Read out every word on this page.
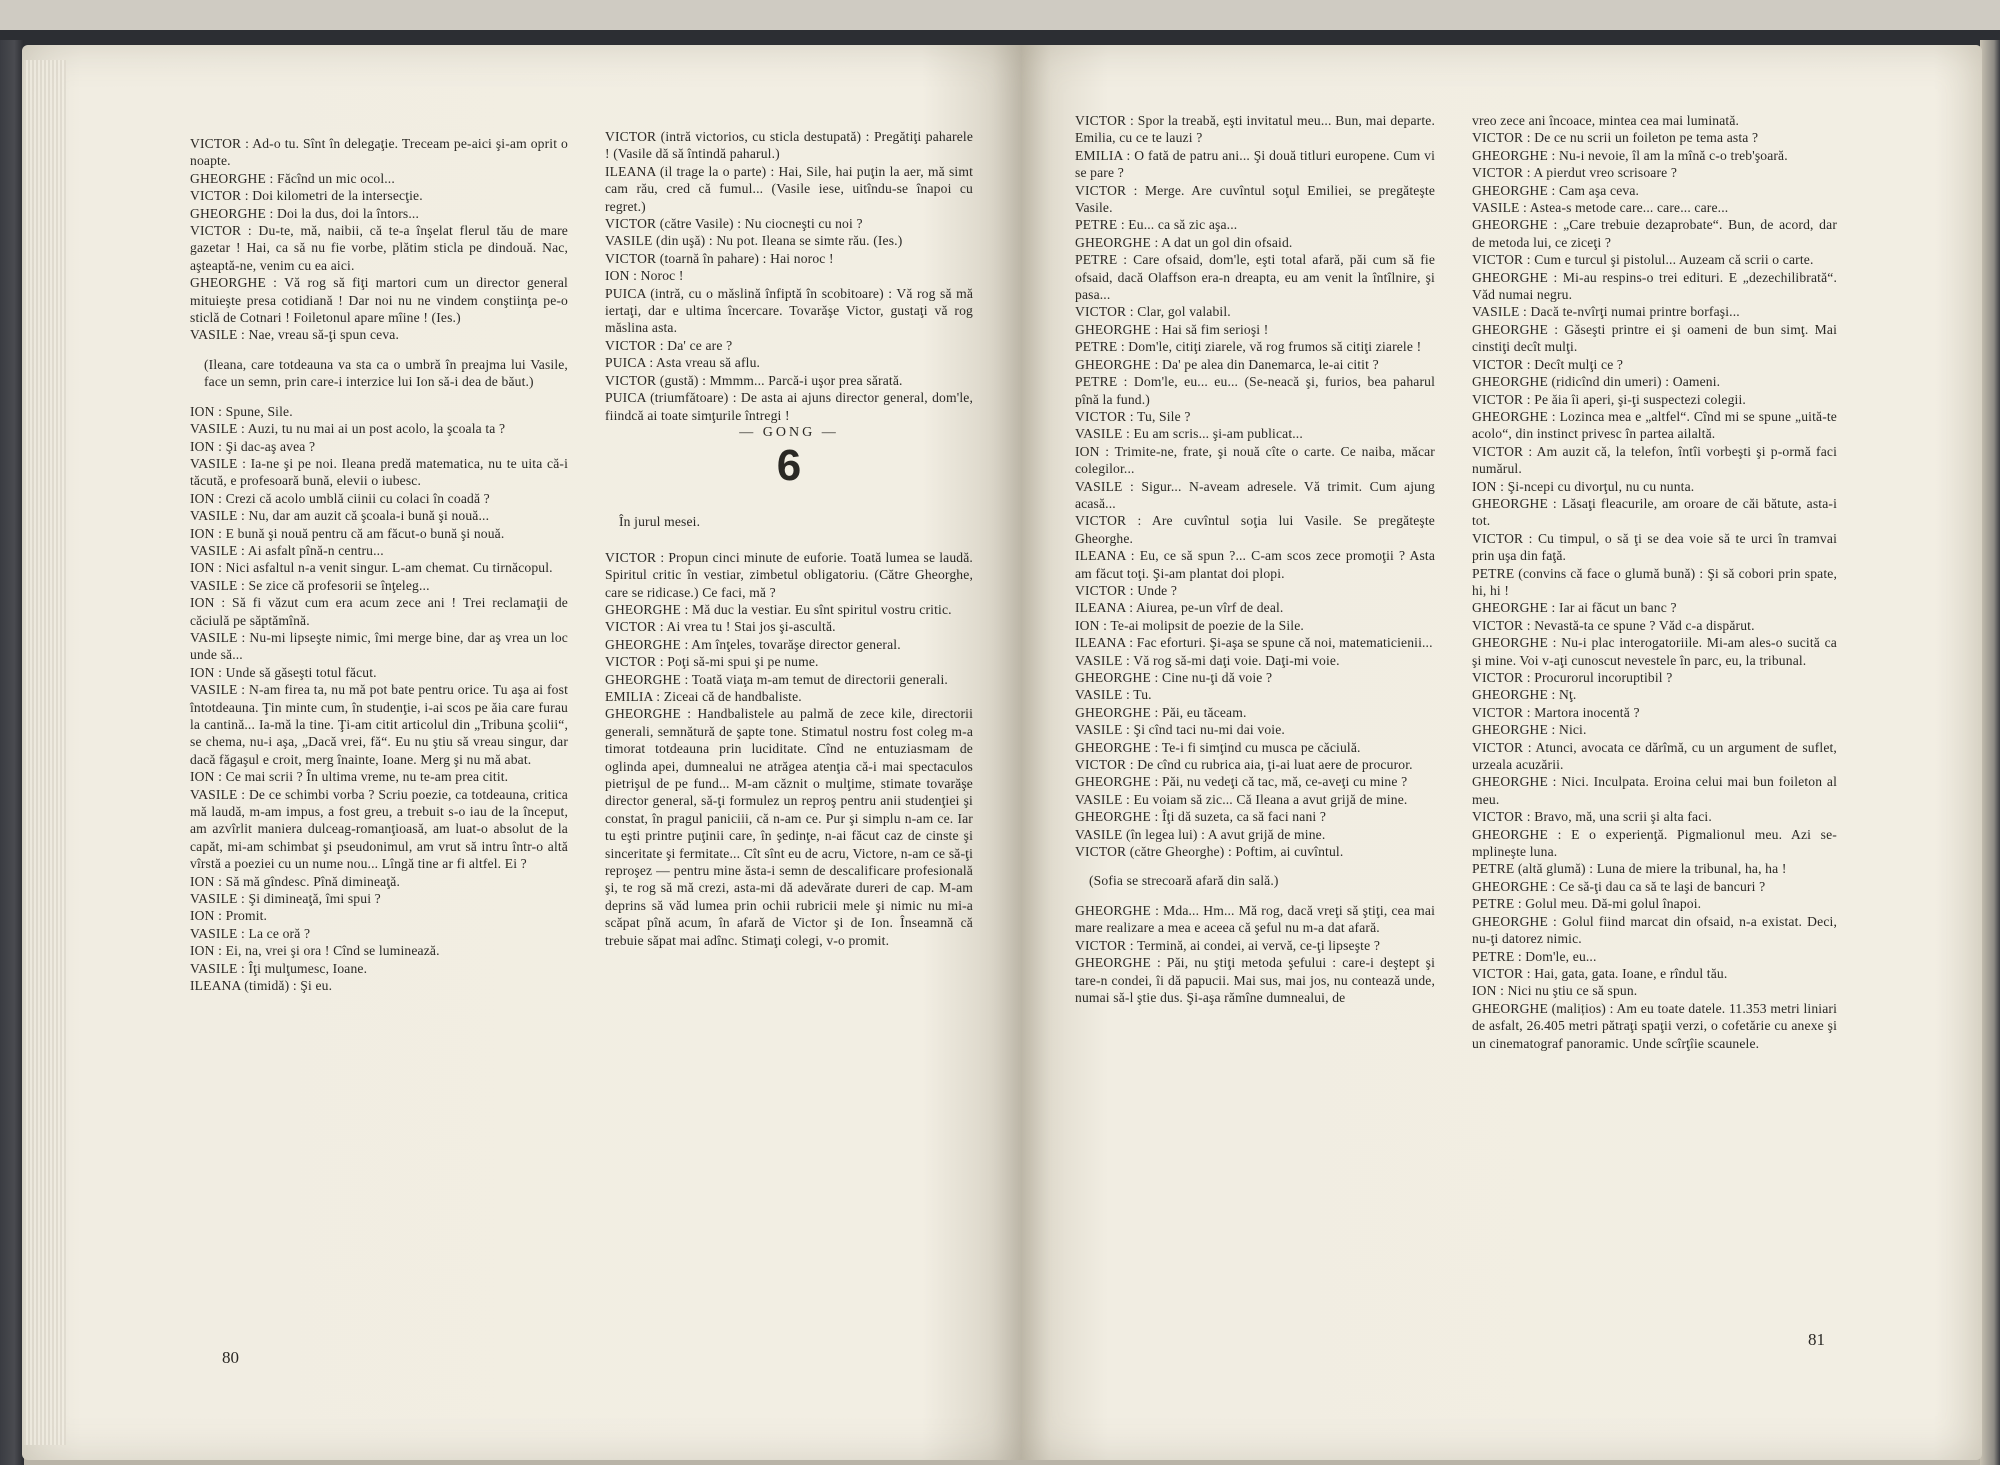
VICTOR : Ad-o tu. Sînt în delegaţie. Treceam pe-aici şi-am oprit o noapte.

GHEORGHE : Făcînd un mic ocol...

VICTOR : Doi kilometri de la intersecţie.

GHEORGHE : Doi la dus, doi la întors...

VICTOR : Du-te, mă, naibii, că te-a înşelat flerul tău de mare gazetar ! Hai, ca să nu fie vorbe, plătim sticla pe dindouă. Nac, aşteaptă-ne, venim cu ea aici.

GHEORGHE : Vă rog să fiţi martori cum un director general mituieşte presa cotidiană ! Dar noi nu ne vindem conştiinţa pe-o sticlă de Cotnari ! Foiletonul apare mîine ! (Ies.)

VASILE : Nae, vreau să-ţi spun ceva.

(Ileana, care totdeauna va sta ca o umbră în preajma lui Vasile, face un semn, prin care-i interzice lui Ion să-i dea de băut.)

ION : Spune, Sile.

VASILE : Auzi, tu nu mai ai un post acolo, la şcoala ta ?

ION : Şi dac-aş avea ?

VASILE : Ia-ne şi pe noi. Ileana predă matematica, nu te uita că-i tăcută, e profesoară bună, elevii o iubesc.

ION : Crezi că acolo umblă ciinii cu colaci în coadă ?

VASILE : Nu, dar am auzit că şcoala-i bună şi nouă...

ION : E bună şi nouă pentru că am făcut-o bună şi nouă.

VASILE : Ai asfalt pînă-n centru...

ION : Nici asfaltul n-a venit singur. L-am chemat. Cu tirnăcopul.

VASILE : Se zice că profesorii se înţeleg...

ION : Să fi văzut cum era acum zece ani ! Trei reclamaţii de căciulă pe săptămînă.

VASILE : Nu-mi lipseşte nimic, îmi merge bine, dar aş vrea un loc unde să...

ION : Unde să găseşti totul făcut.

VASILE : N-am firea ta, nu mă pot bate pentru orice. Tu aşa ai fost întotdeauna. Ţin minte cum, în studenţie, i-ai scos pe ăia care furau la cantină... Ia-mă la tine. Ţi-am citit articolul din „Tribuna şcolii“, se chema, nu-i aşa, „Dacă vrei, fă“. Eu nu ştiu să vreau singur, dar dacă făgaşul e croit, merg înainte, Ioane. Merg şi nu mă abat.

ION : Ce mai scrii ? În ultima vreme, nu te-am prea citit.

VASILE : De ce schimbi vorba ? Scriu poezie, ca totdeauna, critica mă laudă, m-am impus, a fost greu, a trebuit s-o iau de la început, am azvîrlit maniera dulceag-romanţioasă, am luat-o absolut de la capăt, mi-am schimbat şi pseudonimul, am vrut să intru într-o altă vîrstă a poeziei cu un nume nou... Lîngă tine ar fi altfel. Ei ?

ION : Să mă gîndesc. Pînă dimineaţă.

VASILE : Şi dimineaţă, îmi spui ?

ION : Promit.

VASILE : La ce oră ?

ION : Ei, na, vrei şi ora ! Cînd se luminează.

VASILE : Îţi mulţumesc, Ioane.

ILEANA (timidă) : Şi eu.

VICTOR (intră victorios, cu sticla destupată) : Pregătiţi paharele ! (Vasile dă să întindă paharul.)

ILEANA (il trage la o parte) : Hai, Sile, hai puţin la aer, mă simt cam rău, cred că fumul... (Vasile iese, uitîndu-se înapoi cu regret.)

VICTOR (către Vasile) : Nu ciocneşti cu noi ?

VASILE (din uşă) : Nu pot. Ileana se simte rău. (Ies.)

VICTOR (toarnă în pahare) : Hai noroc !

ION : Noroc !

PUICA (intră, cu o măslină înfiptă în scobitoare) : Vă rog să mă iertaţi, dar e ultima încercare. Tovarăşe Victor, gustaţi vă rog măslina asta.

VICTOR : Da' ce are ?

PUICA : Asta vreau să aflu.

VICTOR (gustă) : Mmmm... Parcă-i uşor prea sărată.

PUICA (triumfătoare) : De asta ai ajuns director general, dom'le, fiindcă ai toate simţurile întregi !

— GONG —

6

În jurul mesei.

VICTOR : Propun cinci minute de euforie. Toată lumea se laudă. Spiritul critic în vestiar, zimbetul obligatoriu. (Către Gheorghe, care se ridicase.) Ce faci, mă ?

GHEORGHE : Mă duc la vestiar. Eu sînt spiritul vostru critic.

VICTOR : Ai vrea tu ! Stai jos şi-ascultă.

GHEORGHE : Am înţeles, tovarăşe director general.

VICTOR : Poţi să-mi spui şi pe nume.

GHEORGHE : Toată viaţa m-am temut de directorii generali.

EMILIA : Ziceai că de handbaliste.

GHEORGHE : Handbalistele au palmă de zece kile, directorii generali, semnătură de şapte tone. Stimatul nostru fost coleg m-a timorat totdeauna prin luciditate. Cînd ne entuziasmam de oglinda apei, dumnealui ne atrăgea atenţia că-i mai spectaculos pietrişul de pe fund... M-am căznit o mulţime, stimate tovarăşe director general, să-ţi formulez un reproş pentru anii studenţiei şi constat, în pragul paniciii, că n-am ce. Pur şi simplu n-am ce. Iar tu eşti printre puţinii care, în şedinţe, n-ai făcut caz de cinste şi sinceritate şi fermitate... Cît sînt eu de acru, Victore, n-am ce să-ţi reproşez — pentru mine ăsta-i semn de descalificare profesională şi, te rog să mă crezi, asta-mi dă adevărate dureri de cap. M-am deprins să văd lumea prin ochii rubricii mele şi nimic nu mi-a scăpat pînă acum, în afară de Victor şi de Ion. Înseamnă că trebuie săpat mai adînc. Stimaţi colegi, v-o promit.

80

VICTOR : Spor la treabă, eşti invitatul meu... Bun, mai departe. Emilia, cu ce te lauzi ?

EMILIA : O fată de patru ani... Şi două titluri europene. Cum vi se pare ?

VICTOR : Merge. Are cuvîntul soţul Emiliei, se pregăteşte Vasile.

PETRE : Eu... ca să zic aşa...

GHEORGHE : A dat un gol din ofsaid.

PETRE : Care ofsaid, dom'le, eşti total afară, păi cum să fie ofsaid, dacă Olaffson era-n dreapta, eu am venit la întîlnire, şi pasa...

VICTOR : Clar, gol valabil.

GHEORGHE : Hai să fim serioşi !

PETRE : Dom'le, citiţi ziarele, vă rog frumos să citiţi ziarele !

GHEORGHE : Da' pe alea din Danemarca, le-ai citit ?

PETRE : Dom'le, eu... eu... (Se-neacă şi, furios, bea paharul pînă la fund.)

VICTOR : Tu, Sile ?

VASILE : Eu am scris... şi-am publicat...

ION : Trimite-ne, frate, şi nouă cîte o carte. Ce naiba, măcar colegilor...

VASILE : Sigur... N-aveam adresele. Vă trimit. Cum ajung acasă...

VICTOR : Are cuvîntul soţia lui Vasile. Se pregăteşte Gheorghe.

ILEANA : Eu, ce să spun ?... C-am scos zece promoţii ? Asta am făcut toţi. Şi-am plantat doi plopi.

VICTOR : Unde ?

ILEANA : Aiurea, pe-un vîrf de deal.

ION : Te-ai molipsit de poezie de la Sile.

ILEANA : Fac eforturi. Şi-aşa se spune că noi, matematicienii...

VASILE : Vă rog să-mi daţi voie. Daţi-mi voie.

GHEORGHE : Cine nu-ţi dă voie ?

VASILE : Tu.

GHEORGHE : Păi, eu tăceam.

VASILE : Şi cînd taci nu-mi dai voie.

GHEORGHE : Te-i fi simţind cu musca pe căciulă.

VICTOR : De cînd cu rubrica aia, ţi-ai luat aere de procuror.

GHEORGHE : Păi, nu vedeţi că tac, mă, ce-aveţi cu mine ?

VASILE : Eu voiam să zic... Că Ileana a avut grijă de mine.

GHEORGHE : Îţi dă suzeta, ca să faci nani ?

VASILE (în legea lui) : A avut grijă de mine.

VICTOR (către Gheorghe) : Poftim, ai cuvîntul.

(Sofia se strecoară afară din sală.)

GHEORGHE : Mda... Hm... Mă rog, dacă vreţi să ştiţi, cea mai mare realizare a mea e aceea că şeful nu m-a dat afară.

VICTOR : Termină, ai condei, ai vervă, ce-ţi lipseşte ?

GHEORGHE : Păi, nu ştiţi metoda şefului : care-i deştept şi tare-n condei, îi dă papucii. Mai sus, mai jos, nu contează unde, numai să-l ştie dus. Şi-aşa rămîne dumnealui, de

vreo zece ani încoace, mintea cea mai luminată.

VICTOR : De ce nu scrii un foileton pe tema asta ?

GHEORGHE : Nu-i nevoie, îl am la mînă c-o treb'şoară.

VICTOR : A pierdut vreo scrisoare ?

GHEORGHE : Cam aşa ceva.

VASILE : Astea-s metode care... care... care...

GHEORGHE : „Care trebuie dezaprobate“. Bun, de acord, dar de metoda lui, ce ziceţi ?

VICTOR : Cum e turcul şi pistolul... Auzeam că scrii o carte.

GHEORGHE : Mi-au respins-o trei edituri. E „dezechilibrată“. Văd numai negru.

VASILE : Dacă te-nvîrţi numai printre borfaşi...

GHEORGHE : Găseşti printre ei şi oameni de bun simţ. Mai cinstiţi decît mulţi.

VICTOR : Decît mulţi ce ?

GHEORGHE (ridicînd din umeri) : Oameni.

VICTOR : Pe ăia îi aperi, şi-ţi suspectezi colegii.

GHEORGHE : Lozinca mea e „altfel“. Cînd mi se spune „uită-te acolo“, din instinct privesc în partea ailaltă.

VICTOR : Am auzit că, la telefon, întîi vorbeşti şi p-ormă faci numărul.

ION : Şi-ncepi cu divorţul, nu cu nunta.

GHEORGHE : Lăsaţi fleacurile, am oroare de căi bătute, asta-i tot.

VICTOR : Cu timpul, o să ţi se dea voie să te urci în tramvai prin uşa din faţă.

PETRE (convins că face o glumă bună) : Şi să cobori prin spate, hi, hi !

GHEORGHE : Iar ai făcut un banc ?

VICTOR : Nevastă-ta ce spune ? Văd c-a dispărut.

GHEORGHE : Nu-i plac interogatoriile. Mi-am ales-o sucită ca şi mine. Voi v-aţi cunoscut nevestele în parc, eu, la tribunal.

VICTOR : Procurorul incoruptibil ?

GHEORGHE : Nţ.

VICTOR : Martora inocentă ?

GHEORGHE : Nici.

VICTOR : Atunci, avocata ce dărîmă, cu un argument de suflet, urzeala acuzării.

GHEORGHE : Nici. Inculpata. Eroina celui mai bun foileton al meu.

VICTOR : Bravo, mă, una scrii şi alta faci.

GHEORGHE : E o experienţă. Pigmalionul meu. Azi se-mplineşte luna.

PETRE (altă glumă) : Luna de miere la tribunal, ha, ha !

GHEORGHE : Ce să-ţi dau ca să te laşi de bancuri ?

PETRE : Golul meu. Dă-mi golul înapoi.

GHEORGHE : Golul fiind marcat din ofsaid, n-a existat. Deci, nu-ţi datorez nimic.

PETRE : Dom'le, eu...

VICTOR : Hai, gata, gata. Ioane, e rîndul tău.

ION : Nici nu ştiu ce să spun.

GHEORGHE (malițios) : Am eu toate datele. 11.353 metri liniari de asfalt, 26.405 metri pătraţi spaţii verzi, o cofetărie cu anexe şi un cinematograf panoramic. Unde scîrţîie scaunele.

81
